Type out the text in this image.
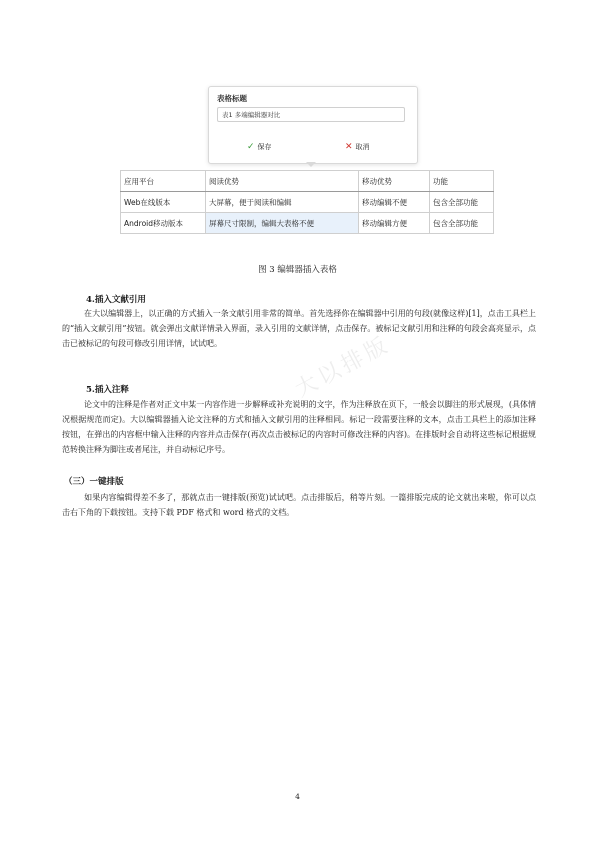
表格标题
表1 多端编辑器对比
✓ 保存	✕ 取消
应用平台	阅读优势	移动优势	功能
Web在线版本	大屏幕，便于阅读和编辑	移动编辑不便	包含全部功能
Android移动版本	屏幕尺寸限制，编辑大表格不便	移动编辑方便	包含全部功能
图 3 编辑器插入表格
大以排版
4.插入文献引用

在大以编辑器上，以正确的方式插入一条文献引用非常的简单。首先选择你在编辑器中引用的句段(就像这样)[1]，点击工具栏上的“插入文献引用”按钮。就会弹出文献详情录入界面，录入引用的文献详情，点击保存。被标记文献引用和注释的句段会高亮显示，点击已被标记的句段可修改引用详情，试试吧。

5.插入注释

论文中的注释是作者对正文中某一内容作进一步解释或补充说明的文字，作为注释放在页下，一般会以脚注的形式展现，(具体情况根据规范而定)。大以编辑器插入论文注释的方式和插入文献引用的注释相同。标记一段需要注释的文本，点击工具栏上的添加注释按钮，在弹出的内容框中输入注释的内容并点击保存(再次点击被标记的内容时可修改注释的内容)。在排版时会自动将这些标记根据规范转换注释为脚注或者尾注，并自动标记序号。

（三）一键排版

如果内容编辑得差不多了，那就点击一键排版(预览)试试吧。点击排版后，稍等片刻。一篇排版完成的论文就出来啦，你可以点击右下角的下载按钮。支持下载 PDF 格式和 word 格式的文档。

4
